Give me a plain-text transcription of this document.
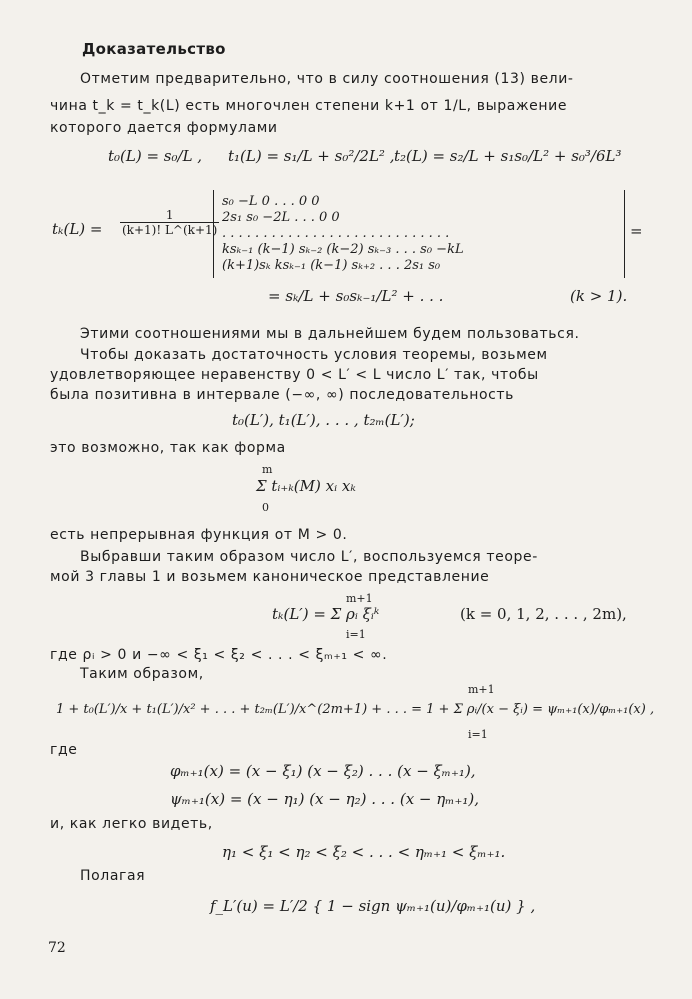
Доказательство
Отметим предварительно, что в силу соотношения (13) вели-
чина t_k = t_k(L) есть многочлен степени k+1 от 1/L, выражение
которого дается формулами
t₀(L) = s₀/L , t₁(L) = s₁/L + s₀²/2L² , t₂(L) = s₂/L + s₁s₀/L² + s₀³/6L³
$t_k(L) = \frac{1}{(k+1)! L\^{}(k+1)}$
s₀ −L 0 . . . 0 0
2s₁ s₀ −2L . . . 0 0
. . . . . . . . . . . . . . . . . . . . . . . . . . . .
ksₖ₋₁ (k−1) sₖ₋₂ (k−2) sₖ₋₃ . . . s₀ −kL
(k+1)sₖ ksₖ₋₁ (k−1) sₖ₊₂ . . . 2s₁ s₀
=
= sₖ/L + s₀sₖ₋₁/L² + . . .	(k > 1).
Этими соотношениями мы в дальнейшем будем пользоваться.
Чтобы доказать достаточность условия теоремы, возьмем
удовлетворяющее неравенству 0 < L′ < L число L′ так, чтобы
была позитивна в интервале (−∞, ∞) последовательность
t₀(L′), t₁(L′), . . . , t₂ₘ(L′);
это возможно, так как форма
m
Σ tᵢ₊ₖ(M) xᵢ xₖ
0
есть непрерывная функция от M > 0.
Выбравши таким образом число L′, воспользуемся теоре-
мой 3 главы 1 и возьмем каноническое представление
m+1
tₖ(L′) = Σ ρᵢ ξᵢᵏ
i=1
(k = 0, 1, 2, . . . , 2m),
где ρᵢ > 0 и −∞ < ξ₁ < ξ₂ < . . . < ξₘ₊₁ < ∞.
Таким образом,
m+1
1 + t₀(L′)/x + t₁(L′)/x² + . . . + t₂ₘ(L′)/x^(2m+1) + . . . = 1 + Σ ρᵢ/(x − ξᵢ) = ψₘ₊₁(x)/φₘ₊₁(x) ,
i=1
где
φₘ₊₁(x) = (x − ξ₁) (x − ξ₂) . . . (x − ξₘ₊₁),
ψₘ₊₁(x) = (x − η₁) (x − η₂) . . . (x − ηₘ₊₁),
и, как легко видеть,
η₁ < ξ₁ < η₂ < ξ₂ < . . . < ηₘ₊₁ < ξₘ₊₁.
Полагая
f_L′(u) = L′/2 { 1 − sign ψₘ₊₁(u)/φₘ₊₁(u) } ,
72
